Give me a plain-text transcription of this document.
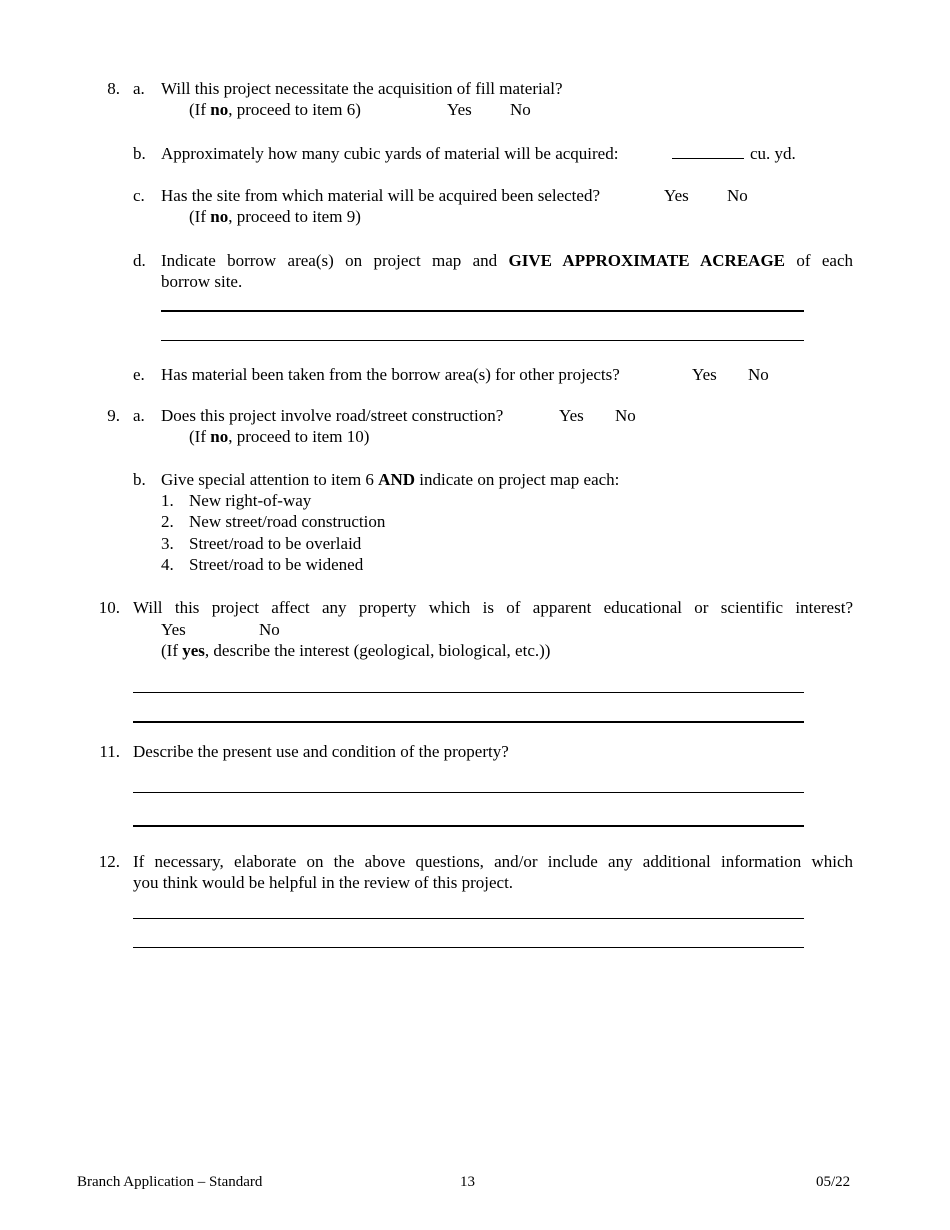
8. a. Will this project necessitate the acquisition of fill material?
(If no, proceed to item 6)	Yes No
b. Approximately how many cubic yards of material will be acquired:	cu. yd.
c. Has the site from which material will be acquired been selected?	Yes No
(If no, proceed to item 9)
d. Indicate borrow area(s) on project map and GIVE APPROXIMATE ACREAGE of each
borrow site.
e. Has material been taken from the borrow area(s) for other projects?	Yes No
9. a. Does this project involve road/street construction?	Yes No
(If no, proceed to item 10)
b. Give special attention to item 6 AND indicate on project map each:
1. New right-of-way
2. New street/road construction
3. Street/road to be overlaid
4. Street/road to be widened
10. Will this project affect any property which is of apparent educational or scientific interest?
Yes	No
(If yes, describe the interest (geological, biological, etc.))
11. Describe the present use and condition of the property?
12. If necessary, elaborate on the above questions, and/or include any additional information which
you think would be helpful in the review of this project.
Branch Application – Standard	13	05/22
